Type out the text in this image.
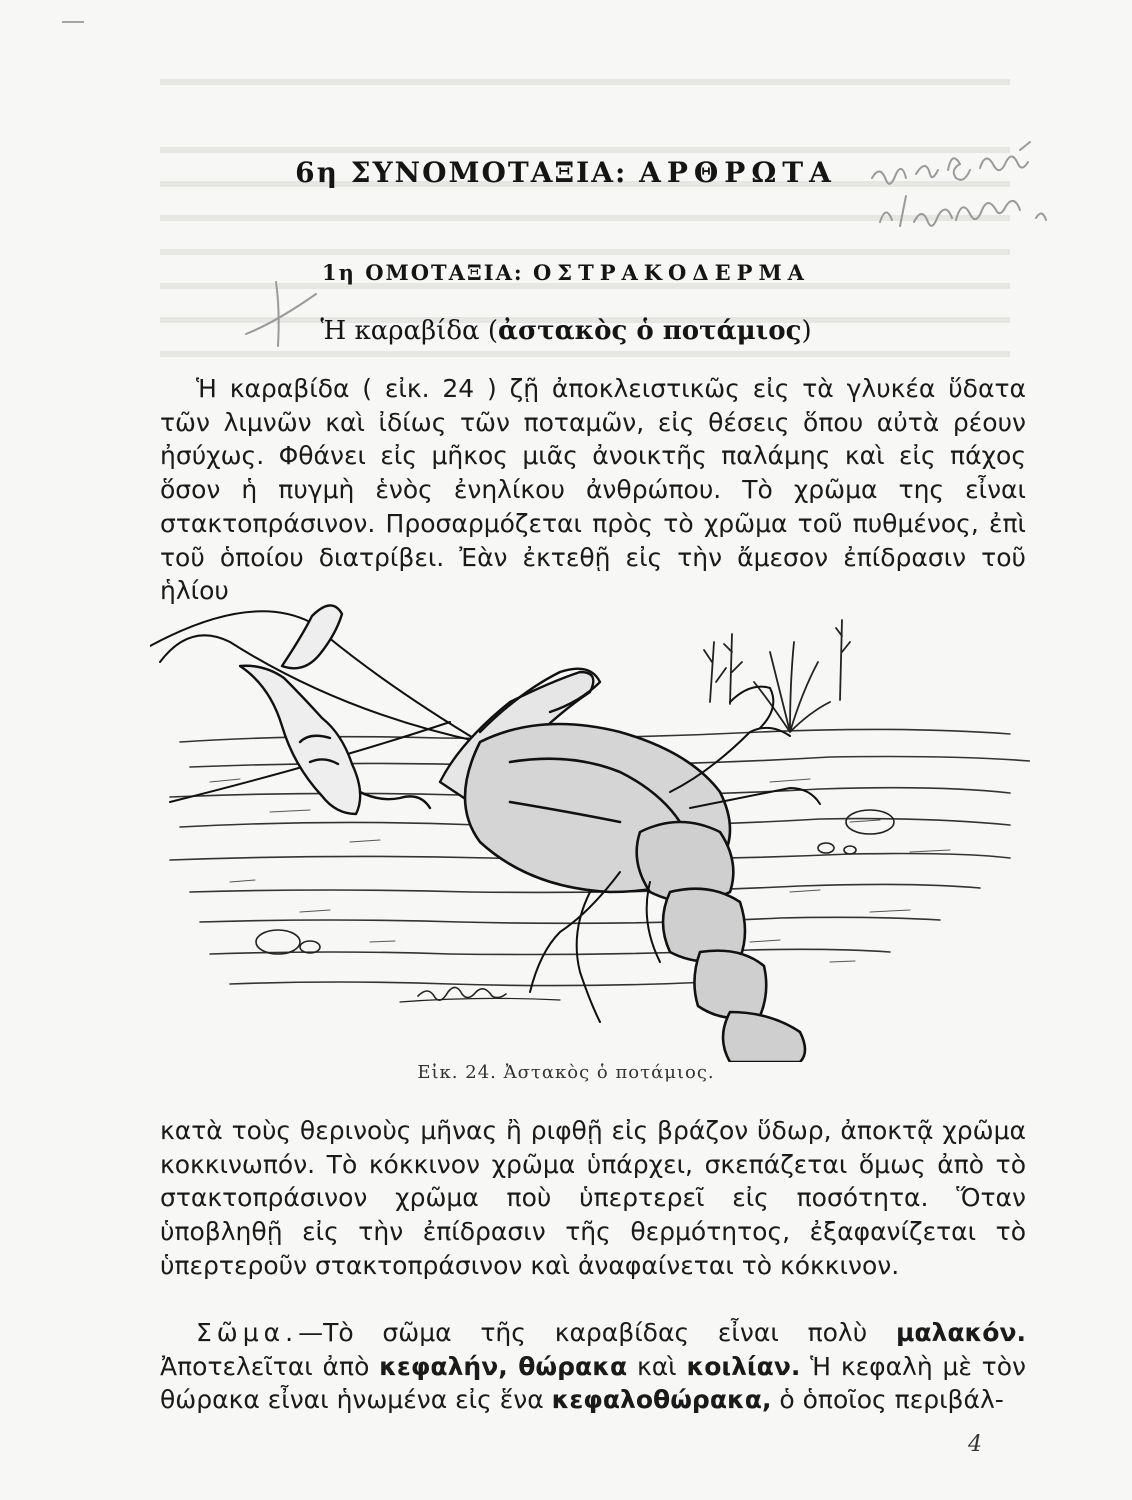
6η ΣΥΝΟΜΟΤΑΞΙΑ: ΑΡΘΡΩΤΑ
1η ΟΜΟΤΑΞΙΑ: ΟΣΤΡΑΚΟΔΕΡΜΑ
Ἡ καραβίδα (ἀστακὸς ὁ ποτάμιος)
Ἡ καραβίδα ( εἰκ. 24 ) ζῇ ἀποκλειστικῶς εἰς τὰ γλυκέα ὕδατα τῶν λιμνῶν καὶ ἰδίως τῶν ποταμῶν, εἰς θέσεις ὅπου αὐτὰ ρέουν ἠσύχως. Φθάνει εἰς μῆκος μιᾶς ἀνοικτῆς παλάμης καὶ εἰς πάχος ὅσον ἡ πυγμὴ ἑνὸς ἐνηλίκου ἀνθρώπου. Τὸ χρῶμα της εἶναι στακτοπράσινον. Προσαρμόζεται πρὸς τὸ χρῶμα τοῦ πυθμένος, ἐπὶ τοῦ ὁποίου διατρίβει. Ἐὰν ἐκτεθῇ εἰς τὴν ἄμεσον ἐπίδρασιν τοῦ ἡλίου
Εἰκ. 24. Ἀστακὸς ὁ ποτάμιος.
κατὰ τοὺς θερινοὺς μῆνας ἢ ριφθῇ εἰς βράζον ὕδωρ, ἀποκτᾷ χρῶμα κοκκινωπόν. Τὸ κόκκινον χρῶμα ὑπάρχει, σκεπάζεται ὅμως ἀπὸ τὸ στακτοπράσινον χρῶμα ποὺ ὑπερτερεῖ εἰς ποσότητα. Ὅταν ὑποβληθῇ εἰς τὴν ἐπίδρασιν τῆς θερμότητος, ἐξαφανίζεται τὸ ὑπερτεροῦν στακτοπράσινον καὶ ἀναφαίνεται τὸ κόκκινον.
Σῶμα.—Τὸ σῶμα τῆς καραβίδας εἶναι πολὺ μαλακόν. Ἀποτελεῖται ἀπὸ κεφαλήν, θώρακα καὶ κοιλίαν. Ἡ κεφαλὴ μὲ τὸν θώρακα εἶναι ἡνωμένα εἰς ἕνα κεφαλοθώρακα, ὁ ὁποῖος περιβάλ-
4
